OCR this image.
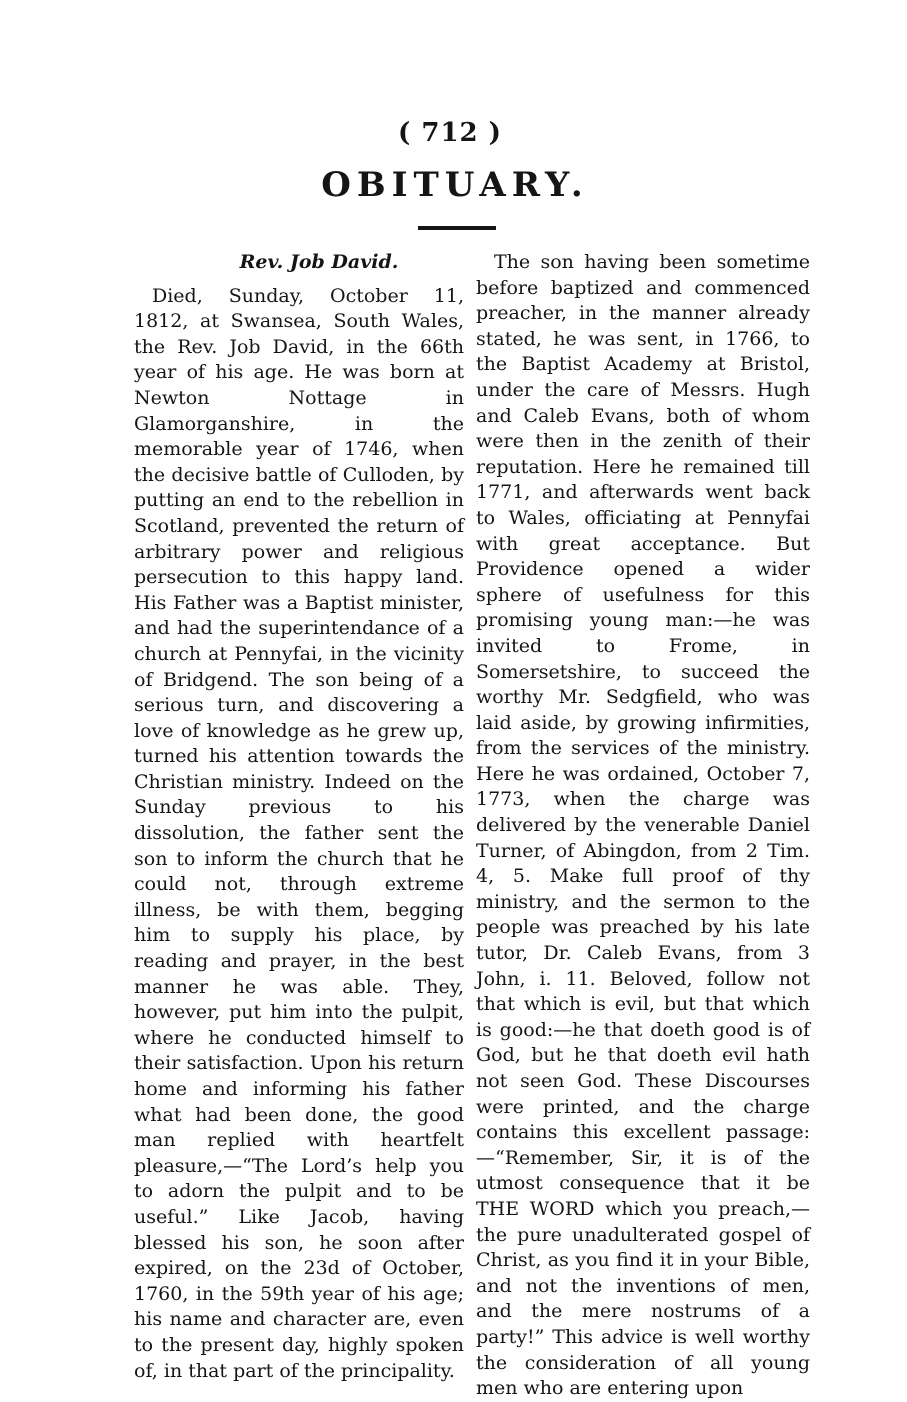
( 712 )
OBITUARY.

Rev. Job David.

Died, Sunday, October 11, 1812, at Swansea, South Wales, the Rev. Job David, in the 66th year of his age. He was born at Newton Nottage in Glamorganshire, in the memorable year of 1746, when the decisive battle of Culloden, by putting an end to the rebellion in Scotland, prevented the return of arbitrary power and religious persecution to this happy land. His Father was a Baptist minister, and had the superintendance of a church at Pennyfai, in the vicinity of Bridgend. The son being of a serious turn, and discovering a love of knowledge as he grew up, turned his attention towards the Christian ministry. Indeed on the Sunday previous to his dissolution, the father sent the son to inform the church that he could not, through extreme illness, be with them, begging him to supply his place, by reading and prayer, in the best manner he was able. They, however, put him into the pulpit, where he conducted himself to their satisfaction. Upon his return home and informing his father what had been done, the good man replied with heartfelt pleasure,—“The Lord’s help you to adorn the pulpit and to be useful.” Like Jacob, having blessed his son, he soon after expired, on the 23d of October, 1760, in the 59th year of his age; his name and character are, even to the present day, highly spoken of, in that part of the principality.

The son having been sometime before baptized and commenced preacher, in the manner already stated, he was sent, in 1766, to the Baptist Academy at Bristol, under the care of Messrs. Hugh and Caleb Evans, both of whom were then in the zenith of their reputation. Here he remained till 1771, and afterwards went back to Wales, officiating at Pennyfai with great acceptance. But Providence opened a wider sphere of usefulness for this promising young man:—he was invited to Frome, in Somersetshire, to succeed the worthy Mr. Sedgfield, who was laid aside, by growing infirmities, from the services of the ministry. Here he was ordained, October 7, 1773, when the charge was delivered by the venerable Daniel Turner, of Abingdon, from 2 Tim. 4, 5. Make full proof of thy ministry, and the sermon to the people was preached by his late tutor, Dr. Caleb Evans, from 3 John, i. 11. Beloved, follow not that which is evil, but that which is good:—he that doeth good is of God, but he that doeth evil hath not seen God. These Discourses were printed, and the charge contains this excellent passage:—“Remember, Sir, it is of the utmost consequence that it be THE WORD which you preach,—the pure unadulterated gospel of Christ, as you find it in your Bible, and not the inventions of men, and the mere nostrums of a party!” This advice is well worthy the consideration of all young men who are entering upon
